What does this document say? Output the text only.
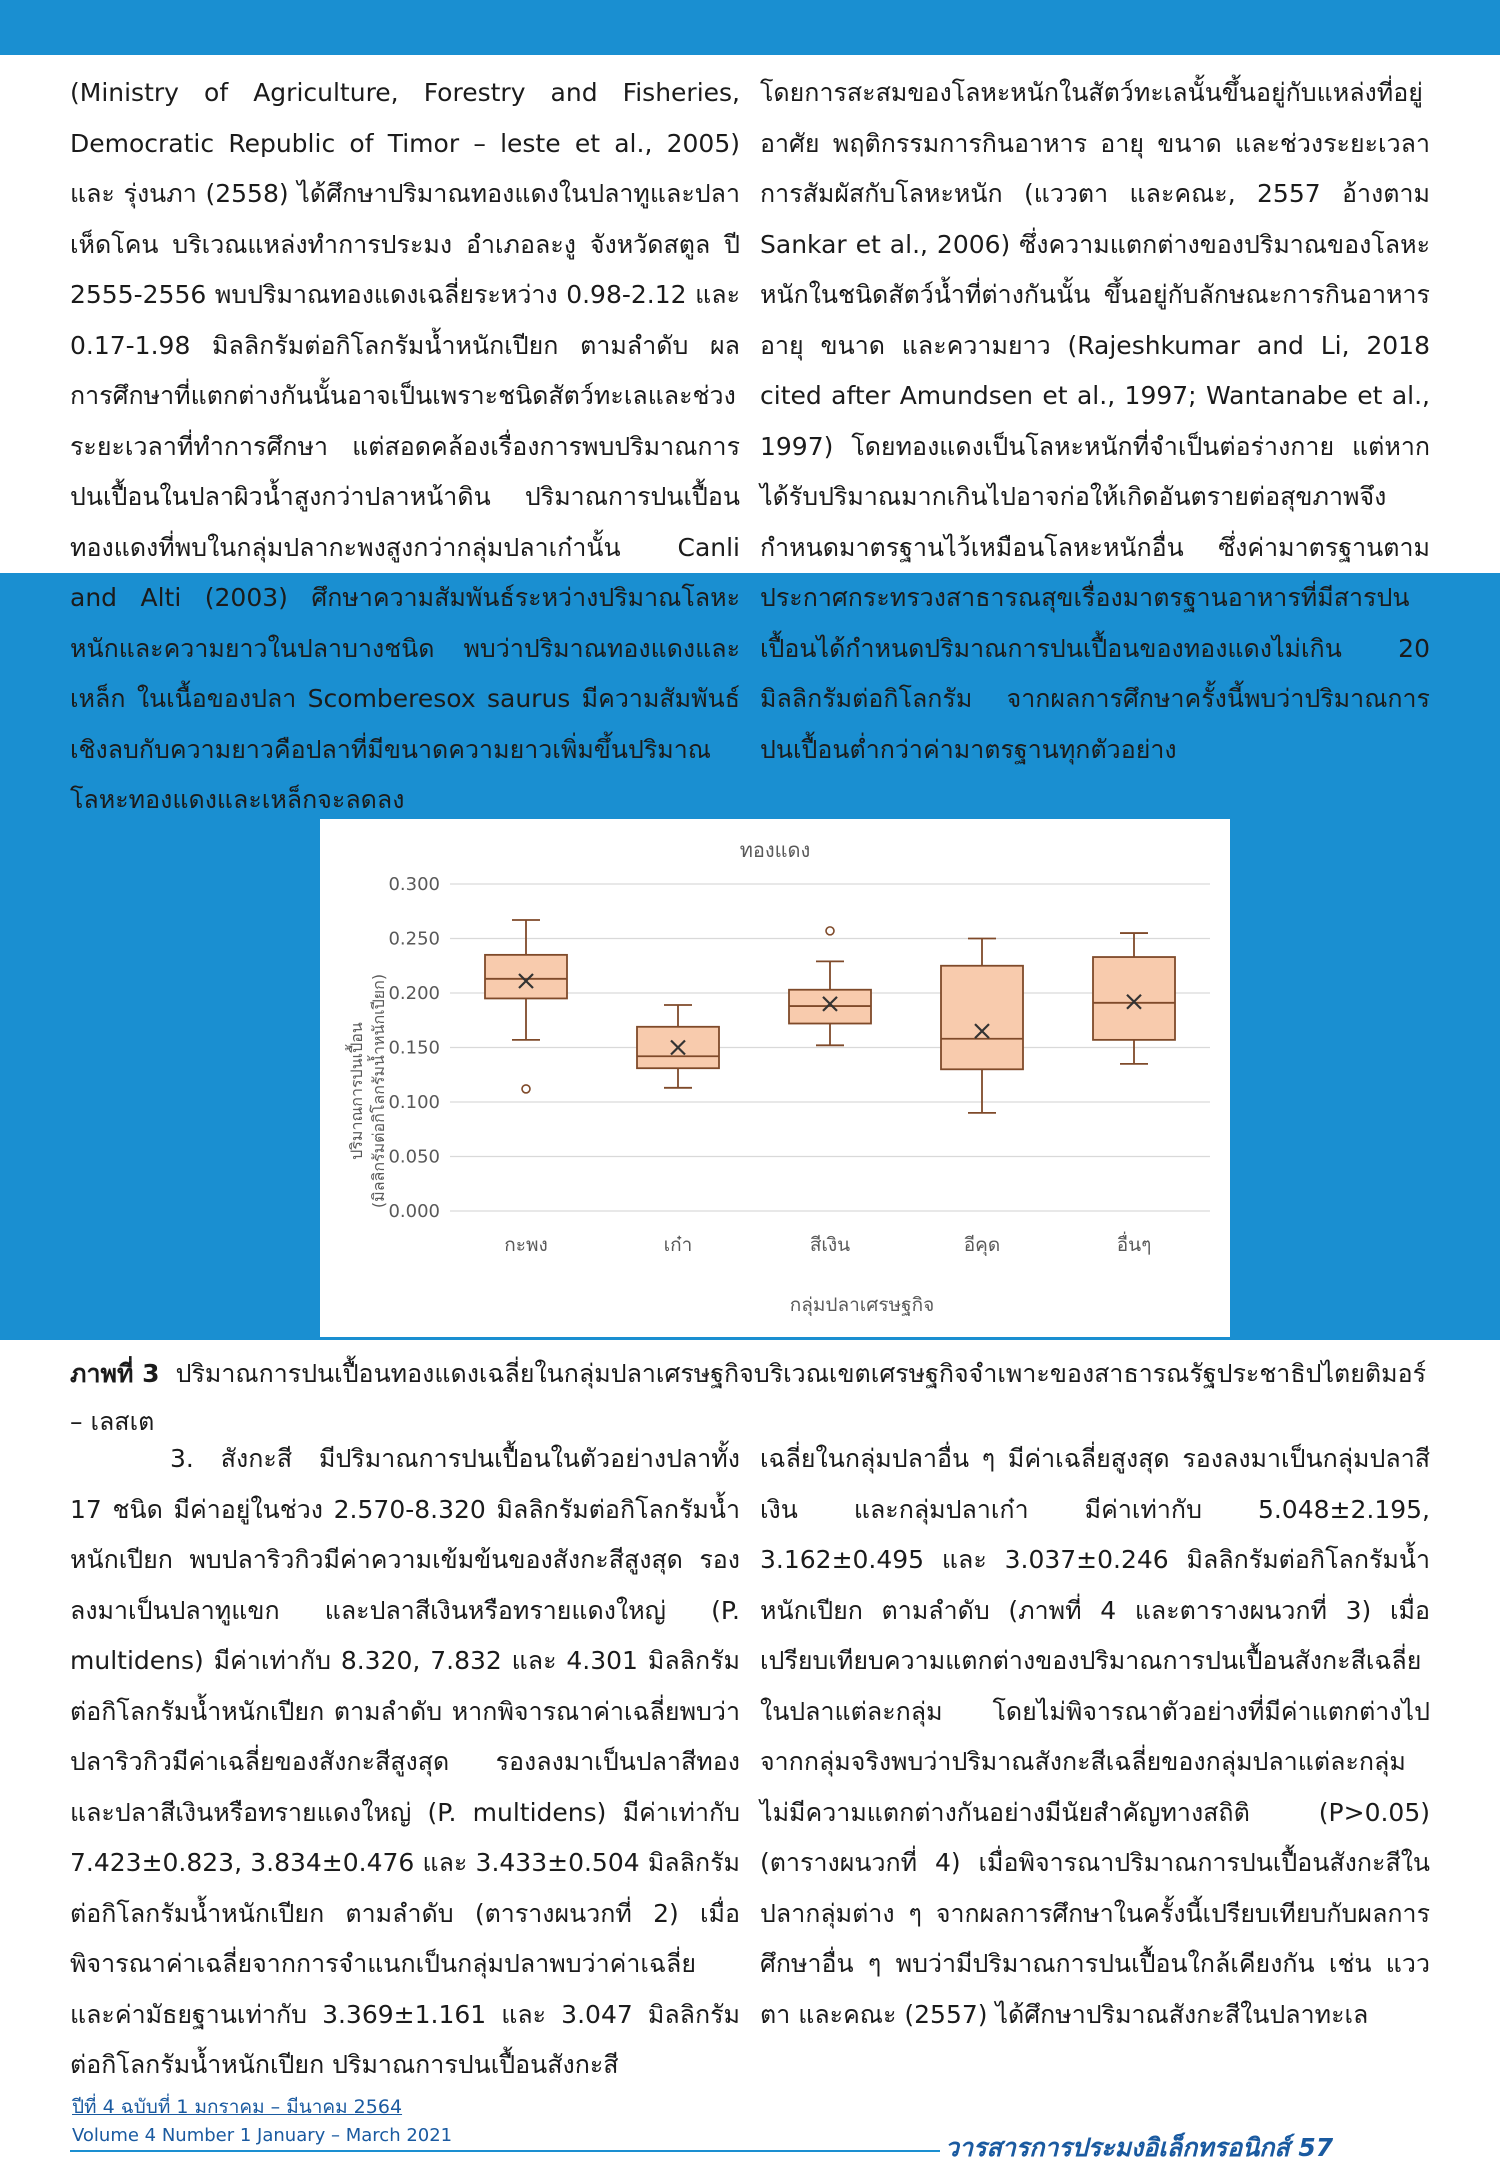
(Ministry of Agriculture, Forestry and Fisheries, Democratic Republic of Timor – leste et al., 2005) และ รุ่งนภา (2558) ได้ศึกษาปริมาณทองแดงในปลาทูและปลาเห็ดโคน บริเวณแหล่งทำการประมง อำเภอละงู จังหวัดสตูล ปี 2555-2556 พบปริมาณทองแดงเฉลี่ยระหว่าง 0.98-2.12 และ 0.17-1.98 มิลลิกรัมต่อกิโลกรัมน้ำหนักเปียก ตามลำดับ ผลการศึกษาที่แตกต่างกันนั้นอาจเป็นเพราะชนิดสัตว์ทะเลและช่วงระยะเวลาที่ทำการศึกษา แต่สอดคล้องเรื่องการพบปริมาณการปนเปื้อนในปลาผิวน้ำสูงกว่าปลาหน้าดิน ปริมาณการปนเปื้อนทองแดงที่พบในกลุ่มปลากะพงสูงกว่ากลุ่มปลาเก๋านั้น Canli and Alti (2003) ศึกษาความสัมพันธ์ระหว่างปริมาณโลหะหนักและความยาวในปลาบางชนิด พบว่าปริมาณทองแดงและเหล็ก ในเนื้อของปลา Scomberesox saurus มีความสัมพันธ์เชิงลบกับความยาวคือปลาที่มีขนาดความยาวเพิ่มขึ้นปริมาณโลหะทองแดงและเหล็กจะลดลง

โดยการสะสมของโลหะหนักในสัตว์ทะเลนั้นขึ้นอยู่กับแหล่งที่อยู่อาศัย พฤติกรรมการกินอาหาร อายุ ขนาด และช่วงระยะเวลาการสัมผัสกับโลหะหนัก (แววตา และคณะ, 2557 อ้างตาม Sankar et al., 2006) ซึ่งความแตกต่างของปริมาณของโลหะหนักในชนิดสัตว์น้ำที่ต่างกันนั้น ขึ้นอยู่กับลักษณะการกินอาหาร อายุ ขนาด และความยาว (Rajeshkumar and Li, 2018 cited after Amundsen et al., 1997; Wantanabe et al., 1997) โดยทองแดงเป็นโลหะหนักที่จำเป็นต่อร่างกาย แต่หากได้รับปริมาณมากเกินไปอาจก่อให้เกิดอันตรายต่อสุขภาพจึงกำหนดมาตรฐานไว้เหมือนโลหะหนักอื่น ซึ่งค่ามาตรฐานตามประกาศกระทรวงสาธารณสุขเรื่องมาตรฐานอาหารที่มีสารปนเปื้อนได้กำหนดปริมาณการปนเปื้อนของทองแดงไม่เกิน 20 มิลลิกรัมต่อกิโลกรัม จากผลการศึกษาครั้งนี้พบว่าปริมาณการปนเปื้อนต่ำกว่าค่ามาตรฐานทุกตัวอย่าง

ทองแดง
0.000
0.050
0.100
0.150
0.200
0.250
0.300
กะพง	เก๋า	สีเงิน	อีคุด	อื่นๆ
ปริมาณการปนเปื้อน (มิลลิกรัมต่อกิโลกรัมน้ำหนักเปียก)
กลุ่มปลาเศรษฐกิจ
ภาพที่ 3 ปริมาณการปนเปื้อนทองแดงเฉลี่ยในกลุ่มปลาเศรษฐกิจบริเวณเขตเศรษฐกิจจำเพาะของสาธารณรัฐประชาธิปไตยติมอร์ – เลสเต

3. สังกะสี มีปริมาณการปนเปื้อนในตัวอย่างปลาทั้ง 17 ชนิด มีค่าอยู่ในช่วง 2.570-8.320 มิลลิกรัมต่อกิโลกรัมน้ำหนักเปียก พบปลาริวกิวมีค่าความเข้มข้นของสังกะสีสูงสุด รองลงมาเป็นปลาทูแขก และปลาสีเงินหรือทรายแดงใหญ่ (P. multidens) มีค่าเท่ากับ 8.320, 7.832 และ 4.301 มิลลิกรัมต่อกิโลกรัมน้ำหนักเปียก ตามลำดับ หากพิจารณาค่าเฉลี่ยพบว่าปลาริวกิวมีค่าเฉลี่ยของสังกะสีสูงสุด รองลงมาเป็นปลาสีทอง และปลาสีเงินหรือทรายแดงใหญ่ (P. multidens) มีค่าเท่ากับ 7.423±0.823, 3.834±0.476 และ 3.433±0.504 มิลลิกรัมต่อกิโลกรัมน้ำหนักเปียก ตามลำดับ (ตารางผนวกที่ 2) เมื่อพิจารณาค่าเฉลี่ยจากการจำแนกเป็นกลุ่มปลาพบว่าค่าเฉลี่ยและค่ามัธยฐานเท่ากับ 3.369±1.161 และ 3.047 มิลลิกรัมต่อกิโลกรัมน้ำหนักเปียก ปริมาณการปนเปื้อนสังกะสี

เฉลี่ยในกลุ่มปลาอื่น ๆ มีค่าเฉลี่ยสูงสุด รองลงมาเป็นกลุ่มปลาสีเงิน และกลุ่มปลาเก๋า มีค่าเท่ากับ 5.048±2.195, 3.162±0.495 และ 3.037±0.246 มิลลิกรัมต่อกิโลกรัมน้ำหนักเปียก ตามลำดับ (ภาพที่ 4 และตารางผนวกที่ 3) เมื่อเปรียบเทียบความแตกต่างของปริมาณการปนเปื้อนสังกะสีเฉลี่ยในปลาแต่ละกลุ่ม โดยไม่พิจารณาตัวอย่างที่มีค่าแตกต่างไปจากกลุ่มจริงพบว่าปริมาณสังกะสีเฉลี่ยของกลุ่มปลาแต่ละกลุ่มไม่มีความแตกต่างกันอย่างมีนัยสำคัญทางสถิติ (P>0.05) (ตารางผนวกที่ 4) เมื่อพิจารณาปริมาณการปนเปื้อนสังกะสีในปลากลุ่มต่าง ๆ จากผลการศึกษาในครั้งนี้เปรียบเทียบกับผลการศึกษาอื่น ๆ พบว่ามีปริมาณการปนเปื้อนใกล้เคียงกัน เช่น แววตา และคณะ (2557) ได้ศึกษาปริมาณสังกะสีในปลาทะเล

ปีที่ 4 ฉบับที่ 1 มกราคม – มีนาคม 2564
Volume 4 Number 1 January – March 2021	วารสารการประมงอิเล็กทรอนิกส์ 57
